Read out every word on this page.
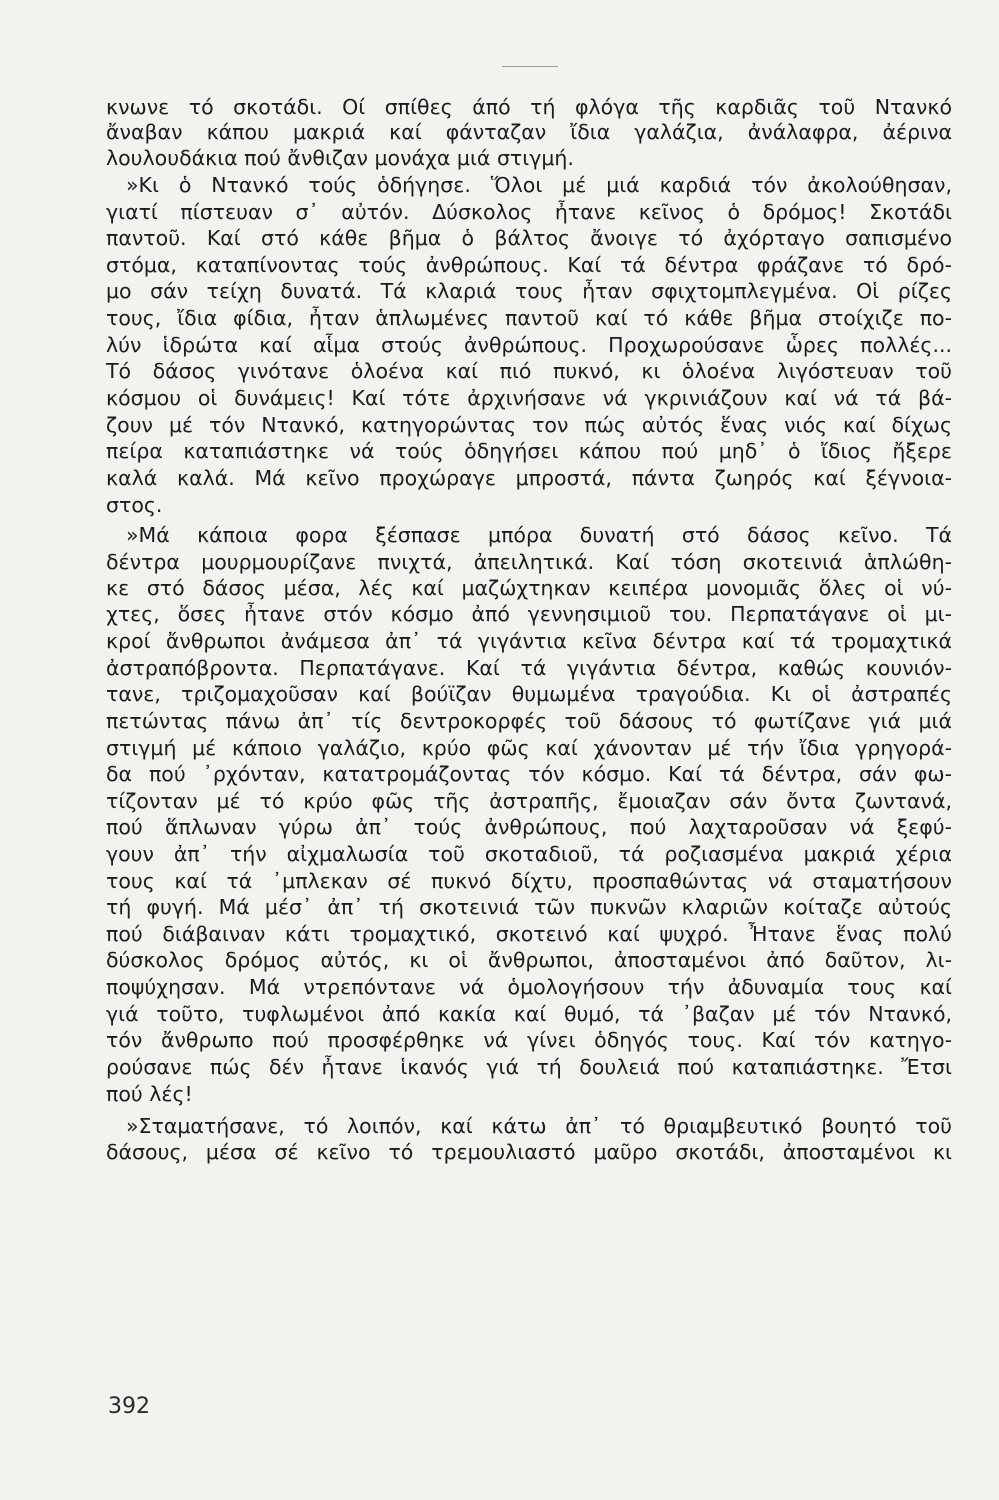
κνωνε τό σκοτάδι. Οί σπίθες άπό τή φλόγα τῆς καρδιᾶς τοῦ Ντανκό
ἄναβαν κάπου μακριά καί φάνταζαν ἴδια γαλάζια, ἀνάλαφρα, ἀέρινα
λουλουδάκια πού ἄνθιζαν μονάχα μιά στιγμή.
»Κι ὁ Ντανκό τούς ὁδήγησε. Ὅλοι μέ μιά καρδιά τόν ἀκολούθησαν,
γιατί πίστευαν σ᾽ αὐτόν. Δύσκολος ἦτανε κεῖνος ὁ δρόμος! Σκοτάδι
παντοῦ. Καί στό κάθε βῆμα ὁ βάλτος ἄνοιγε τό ἀχόρταγο σαπισμένο
στόμα, καταπίνοντας τούς ἀνθρώπους. Καί τά δέντρα φράζανε τό δρό-
μο σάν τείχη δυνατά. Τά κλαριά τους ἦταν σφιχτομπλεγμένα. Οἱ ρίζες
τους, ἴδια φίδια, ἦταν ἁπλωμένες παντοῦ καί τό κάθε βῆμα στοίχιζε πο-
λύν ἱδρώτα καί αἷμα στούς ἀνθρώπους. Προχωρούσανε ὧρες πολλές...
Τό δάσος γινότανε ὁλοένα καί πιό πυκνό, κι ὁλοένα λιγόστευαν τοῦ
κόσμου οἱ δυνάμεις! Καί τότε ἀρχινήσανε νά γκρινιάζουν καί νά τά βά-
ζουν μέ τόν Ντανκό, κατηγορώντας τον πώς αὐτός ἕνας νιός καί δίχως
πείρα καταπιάστηκε νά τούς ὁδηγήσει κάπου πού μηδ᾽ ὁ ἴδιος ἤξερε
καλά καλά. Μά κεῖνο προχώραγε μπροστά, πάντα ζωηρός καί ξέγνοια-
στος.
»Μά κάποια φορα ξέσπασε μπόρα δυνατή στό δάσος κεῖνο. Τά
δέντρα μουρμουρίζανε πνιχτά, ἀπειλητικά. Καί τόση σκοτεινιά ἁπλώθη-
κε στό δάσος μέσα, λές καί μαζώχτηκαν κειπέρα μονομιᾶς ὅλες οἱ νύ-
χτες, ὅσες ἦτανε στόν κόσμο ἀπό γεννησιμιοῦ του. Περπατάγανε οἱ μι-
κροί ἄνθρωποι ἀνάμεσα ἀπ᾽ τά γιγάντια κεῖνα δέντρα καί τά τρομαχτικά
ἀστραπόβροντα. Περπατάγανε. Καί τά γιγάντια δέντρα, καθώς κουνιόν-
τανε, τριζομαχοῦσαν καί βούϊζαν θυμωμένα τραγούδια. Κι οἱ ἀστραπές
πετώντας πάνω ἀπ᾽ τίς δεντροκορφές τοῦ δάσους τό φωτίζανε γιά μιά
στιγμή μέ κάποιο γαλάζιο, κρύο φῶς καί χάνονταν μέ τήν ἴδια γρηγορά-
δα πού ᾽ρχόνταν, κατατρομάζοντας τόν κόσμο. Καί τά δέντρα, σάν φω-
τίζονταν μέ τό κρύο φῶς τῆς ἀστραπῆς, ἔμοιαζαν σάν ὄντα ζωντανά,
πού ἅπλωναν γύρω ἀπ᾽ τούς ἀνθρώπους, πού λαχταροῦσαν νά ξεφύ-
γουν ἀπ᾽ τήν αἰχμαλωσία τοῦ σκοταδιοῦ, τά ροζιασμένα μακριά χέρια
τους καί τά ᾽μπλεκαν σέ πυκνό δίχτυ, προσπαθώντας νά σταματήσουν
τή φυγή. Μά μέσ᾽ ἀπ᾽ τή σκοτεινιά τῶν πυκνῶν κλαριῶν κοίταζε αὐτούς
πού διάβαιναν κάτι τρομαχτικό, σκοτεινό καί ψυχρό. Ἦτανε ἕνας πολύ
δύσκολος δρόμος αὐτός, κι οἱ ἄνθρωποι, ἀποσταμένοι ἀπό δαῦτον, λι-
ποψύχησαν. Μά ντρεπόντανε νά ὁμολογήσουν τήν ἀδυναμία τους καί
γιά τοῦτο, τυφλωμένοι ἀπό κακία καί θυμό, τά ᾽βαζαν μέ τόν Ντανκό,
τόν ἄνθρωπο πού προσφέρθηκε νά γίνει ὁδηγός τους. Καί τόν κατηγο-
ρούσανε πώς δέν ἦτανε ἱκανός γιά τή δουλειά πού καταπιάστηκε. Ἔτσι
πού λές!
»Σταματήσανε, τό λοιπόν, καί κάτω ἀπ᾽ τό θριαμβευτικό βουητό τοῦ
δάσους, μέσα σέ κεῖνο τό τρεμουλιαστό μαῦρο σκοτάδι, ἀποσταμένοι κι
392
